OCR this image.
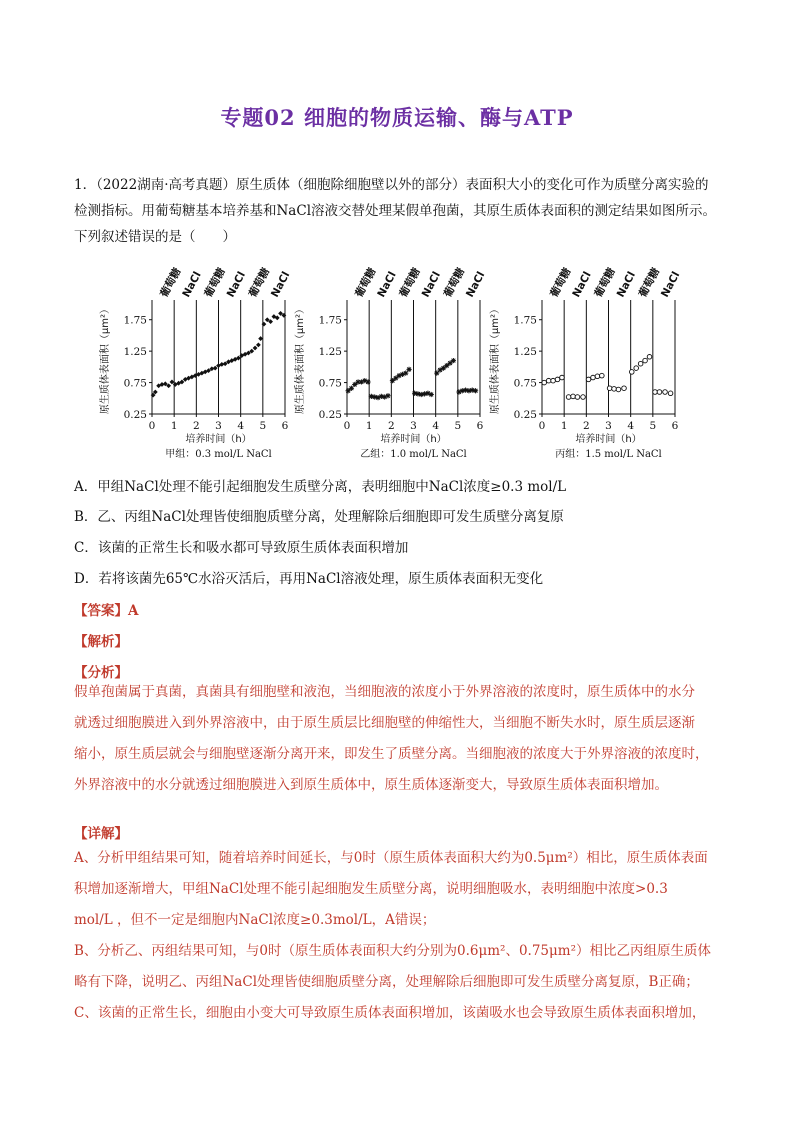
专题02 细胞的物质运输、酶与ATP
1．（2022湖南·高考真题）原生质体（细胞除细胞壁以外的部分）表面积大小的变化可作为质壁分离实验的
检测指标。用葡萄糖基本培养基和NaCl溶液交替处理某假单孢菌，其原生质体表面积的测定结果如图所示。
下列叙述错误的是（　　）
原生质体表面积（μm²）
0.25
0.75
1.25
1.75
0 1 2 3 4 5 6
葡萄糖
NaCl
葡萄糖
NaCl
葡萄糖
NaCl
培养时间（h）
甲组：0.3 mol/L NaCl
原生质体表面积（μm²）
0.25
0.75
1.25
1.75
0 1 2 3 4 5 6
葡萄糖
NaCl
葡萄糖
NaCl
葡萄糖
NaCl
培养时间（h）
乙组：1.0 mol/L NaCl
原生质体表面积（μm²）
0.25
0.75
1.25
1.75
0 1 2 3 4 5 6
葡萄糖
NaCl
葡萄糖
NaCl
葡萄糖
NaCl
培养时间（h）
丙组：1.5 mol/L NaCl
A．甲组NaCl处理不能引起细胞发生质壁分离，表明细胞中NaCl浓度≥0.3 mol/L
B．乙、丙组NaCl处理皆使细胞质壁分离，处理解除后细胞即可发生质壁分离复原
C．该菌的正常生长和吸水都可导致原生质体表面积增加
D．若将该菌先65℃水浴灭活后，再用NaCl溶液处理，原生质体表面积无变化
【答案】A
【解析】
【分析】
假单孢菌属于真菌，真菌具有细胞壁和液泡，当细胞液的浓度小于外界溶液的浓度时，原生质体中的水分
就透过细胞膜进入到外界溶液中，由于原生质层比细胞壁的伸缩性大，当细胞不断失水时，原生质层逐渐
缩小，原生质层就会与细胞壁逐渐分离开来，即发生了质壁分离。当细胞液的浓度大于外界溶液的浓度时，
外界溶液中的水分就透过细胞膜进入到原生质体中，原生质体逐渐变大，导致原生质体表面积增加。
【详解】
A、分析甲组结果可知，随着培养时间延长，与0时（原生质体表面积大约为0.5μm²）相比，原生质体表面
积增加逐渐增大，甲组NaCl处理不能引起细胞发生质壁分离，说明细胞吸水，表明细胞中浓度>0.3
mol/L ，但不一定是细胞内NaCl浓度≥0.3mol/L，A错误；
B、分析乙、丙组结果可知，与0时（原生质体表面积大约分别为0.6μm²、0.75μm²）相比乙丙组原生质体
略有下降，说明乙、丙组NaCl处理皆使细胞质壁分离，处理解除后细胞即可发生质壁分离复原，B正确；
C、该菌的正常生长，细胞由小变大可导致原生质体表面积增加，该菌吸水也会导致原生质体表面积增加，
